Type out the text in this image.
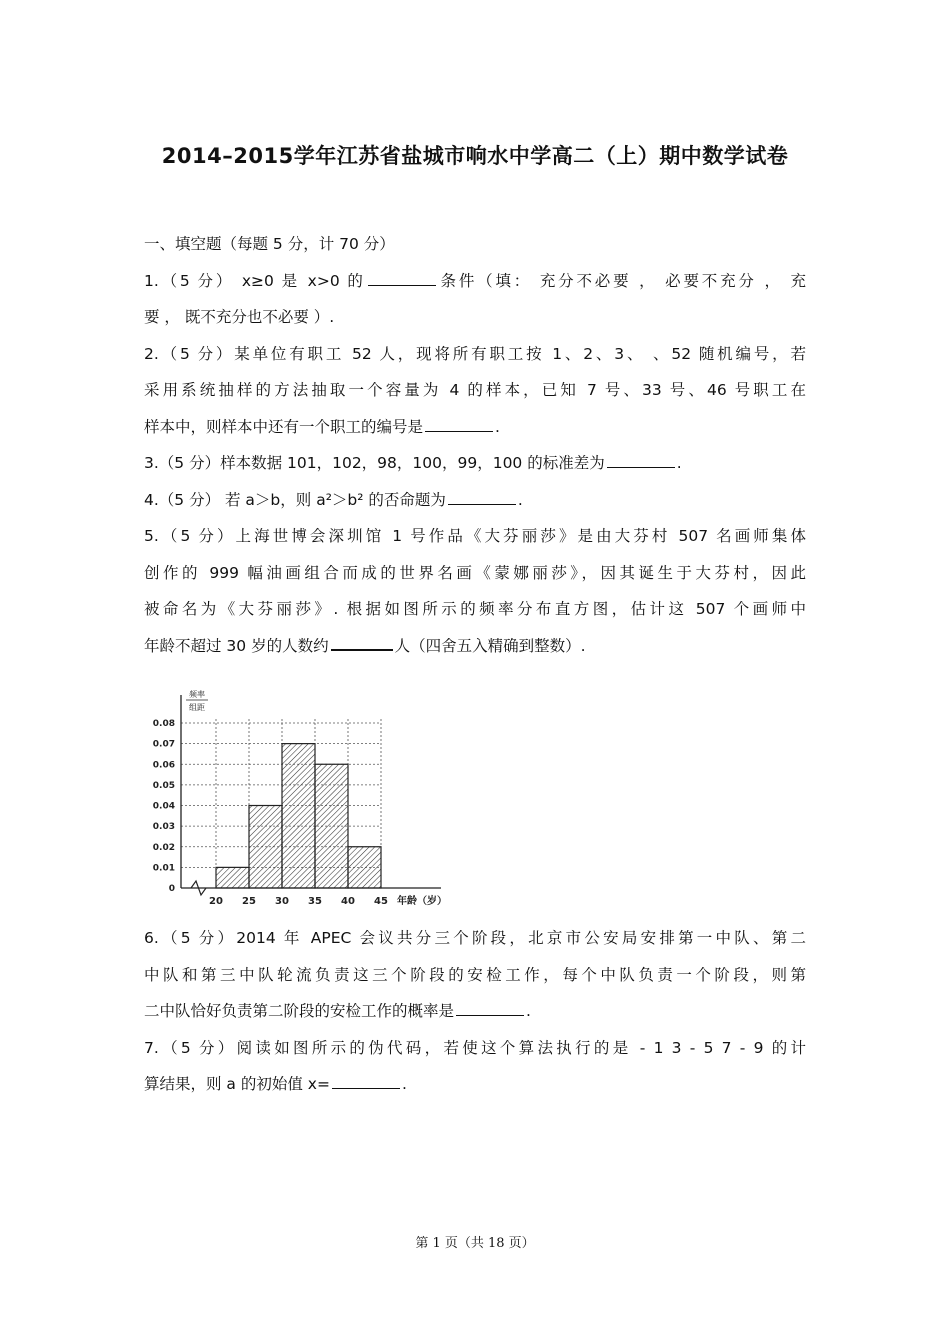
2014–2015学年江苏省盐城市响水中学高二（上）期中数学试卷
一、填空题（每题 5 分，计 70 分）
1.（5 分） x≥0 是 x>0 的	条件（填： 充分不必要 ， 必要不充分 ， 充
要 ， 既不充分也不必要 ）.
2.（5 分）某单位有职工 52 人，现将所有职工按 1、2、3、 、52 随机编号，若
采用系统抽样的方法抽取一个容量为 4 的样本，已知 7 号、33 号、46 号职工在
样本中，则样本中还有一个职工的编号是	.
3.（5 分）样本数据 101，102，98，100，99，100 的标准差为	.
4.（5 分） 若 a＞b，则 a²＞b² 的否命题为	.
5.（5 分）上海世博会深圳馆 1 号作品《大芬丽莎》是由大芬村 507 名画师集体
创作的 999 幅油画组合而成的世界名画《蒙娜丽莎》，因其诞生于大芬村，因此
被命名为《大芬丽莎》. 根据如图所示的频率分布直方图，估计这 507 个画师中
年龄不超过 30 岁的人数约	人（四舍五入精确到整数）.
0
0.01
0.02
0.03
0.04
0.05
0.06
0.07
0.08
20 25 30 35 40 45
频率
组距
年龄（岁）
6.（5 分）2014 年 APEC 会议共分三个阶段，北京市公安局安排第一中队、第二
中队和第三中队轮流负责这三个阶段的安检工作，每个中队负责一个阶段，则第
二中队恰好负责第二阶段的安检工作的概率是	.
7.（5 分）阅读如图所示的伪代码，若使这个算法执行的是 - 1 3 - 5 7 - 9 的计
算结果，则 a 的初始值 x=	.
第 1 页（共 18 页）
